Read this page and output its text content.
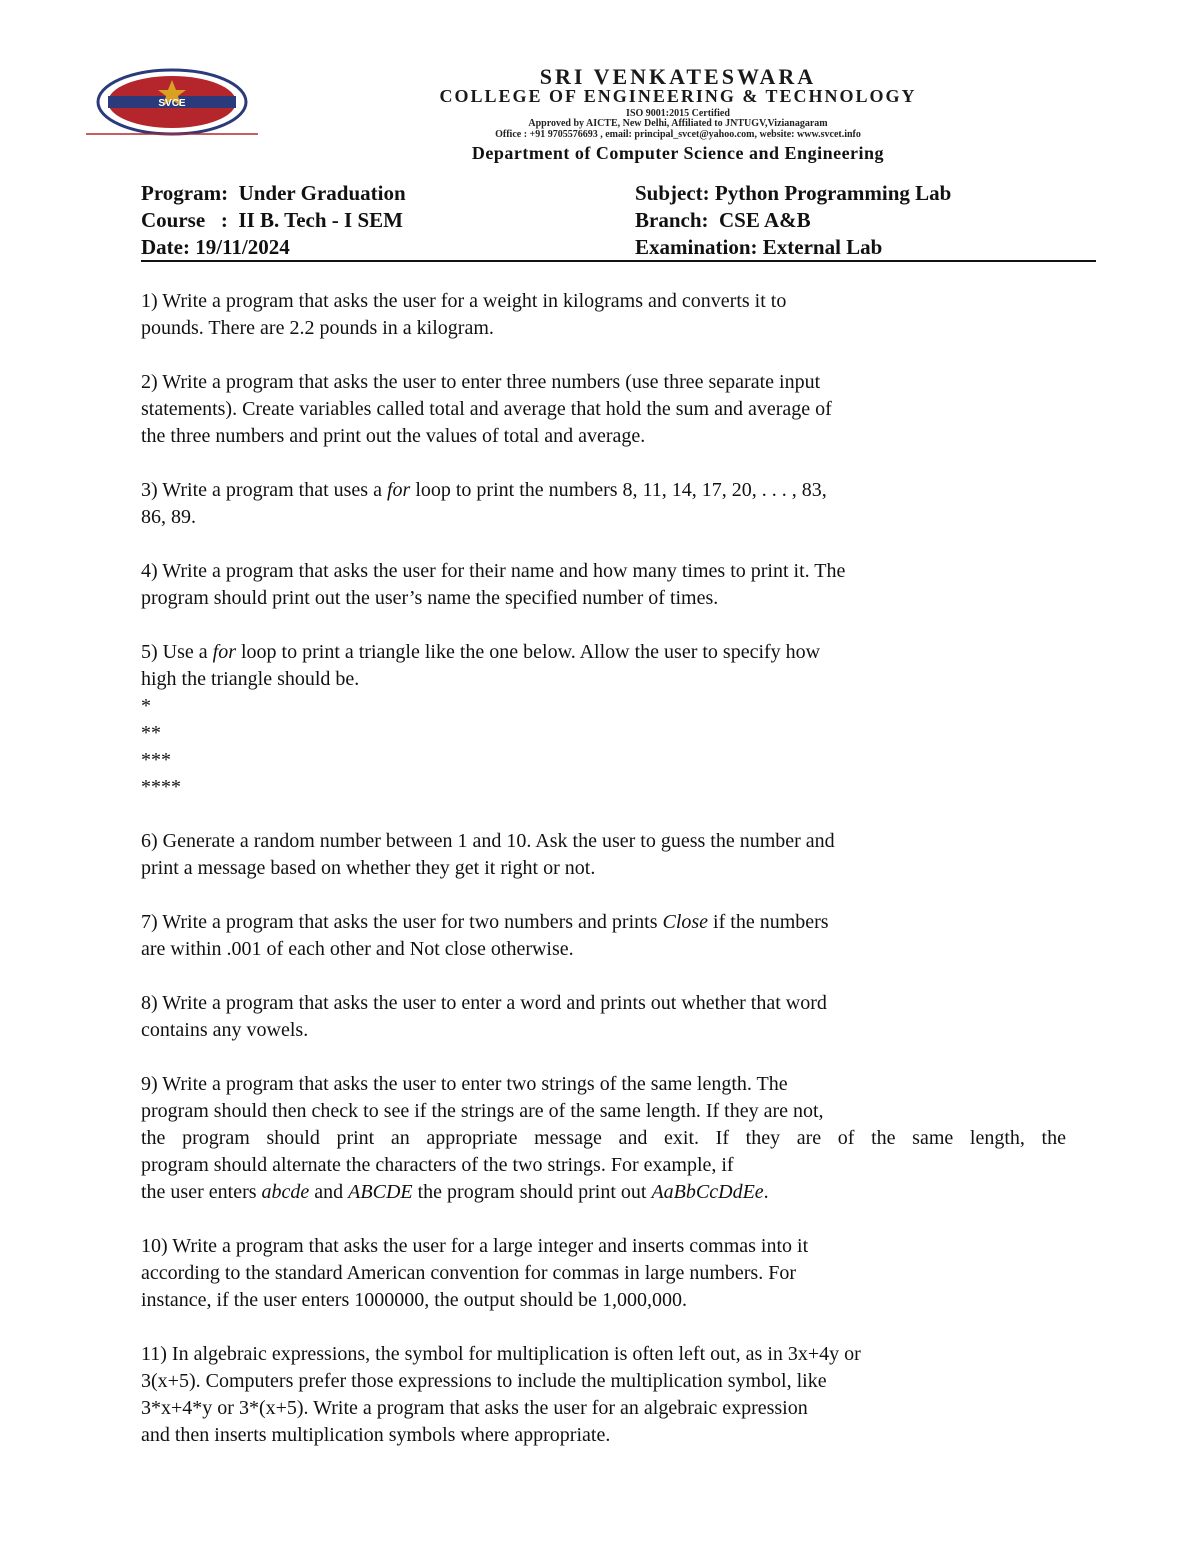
SVCE
SRI VENKATESWARA
COLLEGE OF ENGINEERING & TECHNOLOGY
ISO 9001:2015 Certified
Approved by AICTE, New Delhi, Affiliated to JNTUGV,Vizianagaram
Office : +91 9705576693 , email: principal_svcet@yahoo.com, website: www.svcet.info
Department of Computer Science and Engineering
Program:  Under Graduation
Course   :  II B. Tech - I SEM
Date: 19/11/2024
Subject: Python Programming Lab
Branch:  CSE A&B
Examination: External Lab
1) Write a program that asks the user for a weight in kilograms and converts it to
pounds. There are 2.2 pounds in a kilogram.
2) Write a program that asks the user to enter three numbers (use three separate input
statements). Create variables called total and average that hold the sum and average of
the three numbers and print out the values of total and average.
3) Write a program that uses a for loop to print the numbers 8, 11, 14, 17, 20, . . . , 83,
86, 89.
4) Write a program that asks the user for their name and how many times to print it. The
program should print out the user’s name the specified number of times.
5) Use a for loop to print a triangle like the one below. Allow the user to specify how
high the triangle should be.
*
**
***
****
6) Generate a random number between 1 and 10. Ask the user to guess the number and
print a message based on whether they get it right or not.
7) Write a program that asks the user for two numbers and prints Close if the numbers
are within .001 of each other and Not close otherwise.
8) Write a program that asks the user to enter a word and prints out whether that word
contains any vowels.
9) Write a program that asks the user to enter two strings of the same length. The
program should then check to see if the strings are of the same length. If they are not,
the program should print an appropriate message and exit. If they are of the same length, the
program should alternate the characters of the two strings. For example, if
the user enters abcde and ABCDE the program should print out AaBbCcDdEe.
10) Write a program that asks the user for a large integer and inserts commas into it
according to the standard American convention for commas in large numbers. For
instance, if the user enters 1000000, the output should be 1,000,000.
11) In algebraic expressions, the symbol for multiplication is often left out, as in 3x+4y or
3(x+5). Computers prefer those expressions to include the multiplication symbol, like
3*x+4*y or 3*(x+5). Write a program that asks the user for an algebraic expression
and then inserts multiplication symbols where appropriate.
